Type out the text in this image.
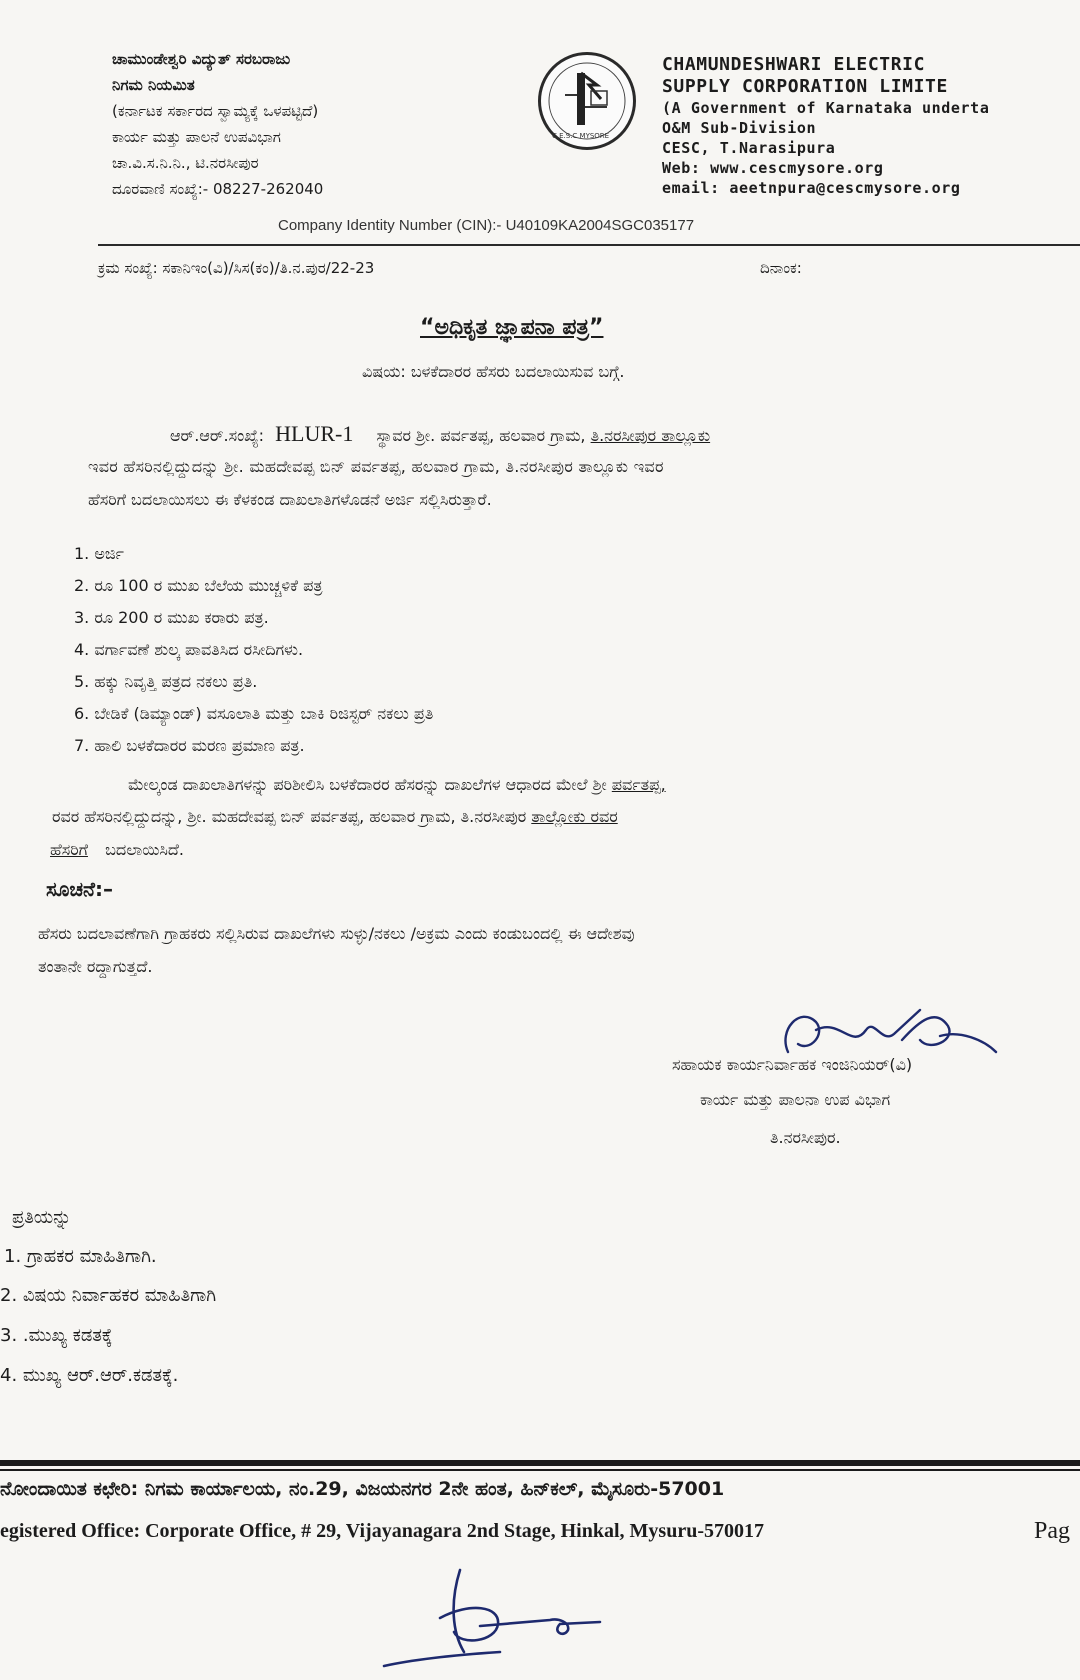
ಚಾಮುಂಡೇಶ್ವರಿ ವಿದ್ಯುತ್ ಸರಬರಾಜು
ನಿಗಮ ನಿಯಮಿತ
(ಕರ್ನಾಟಕ ಸರ್ಕಾರದ ಸ್ವಾಮ್ಯಕ್ಕೆ ಒಳಪಟ್ಟಿದೆ)
ಕಾರ್ಯ ಮತ್ತು ಪಾಲನೆ ಉಪವಿಭಾಗ
ಚಾ.ವಿ.ಸ.ನಿ.ನಿ., ಟಿ.ನರಸೀಪುರ
ದೂರವಾಣಿ ಸಂಖ್ಯೆ:- 08227-262040
C.E.S.C MYSORE
CHAMUNDESHWARI ELECTRIC
SUPPLY CORPORATION LIMITE
(A Government of Karnataka underta
O&M Sub-Division
CESC, T.Narasipura
Web: www.cescmysore.org
email: aeetnpura@cescmysore.org
Company Identity Number (CIN):- U40109KA2004SGC035177
ಕ್ರಮ ಸಂಖ್ಯೆ: ಸಕಾನಿಇಂ(ವಿ)/ಸಿಸ(ಕಂ)/ತಿ.ನ.ಪುರ/22-23	ದಿನಾಂಕ:
“ಅಧಿಕೃತ ಜ್ಞಾಪನಾ ಪತ್ರ”
ವಿಷಯ: ಬಳಕೆದಾರರ ಹೆಸರು ಬದಲಾಯಿಸುವ ಬಗ್ಗೆ.
ಆರ್.ಆರ್.ಸಂಖ್ಯೆ: HLUR-1 ಸ್ಥಾವರ ಶ್ರೀ. ಪರ್ವತಪ್ಪ, ಹಲವಾರ ಗ್ರಾಮ, ತಿ.ನರಸೀಪುರ ತಾಲ್ಲೂಕು
ಇವರ ಹೆಸರಿನಲ್ಲಿದ್ದುದನ್ನು ಶ್ರೀ. ಮಹದೇವಪ್ಪ ಬಿನ್ ಪರ್ವತಪ್ಪ, ಹಲವಾರ ಗ್ರಾಮ, ತಿ.ನರಸೀಪುರ ತಾಲ್ಲೂಕು ಇವರ
ಹೆಸರಿಗೆ ಬದಲಾಯಿಸಲು ಈ ಕೆಳಕಂಡ ದಾಖಲಾತಿಗಳೊಡನೆ ಅರ್ಜಿ ಸಲ್ಲಿಸಿರುತ್ತಾರೆ.
1. ಅರ್ಜಿ
2. ರೂ 100 ರ ಮುಖ ಬೆಲೆಯ ಮುಚ್ಚಳಿಕೆ ಪತ್ರ
3. ರೂ 200 ರ ಮುಖ ಕರಾರು ಪತ್ರ.
4. ವರ್ಗಾವಣೆ ಶುಲ್ಕ ಪಾವತಿಸಿದ ರಸೀದಿಗಳು.
5. ಹಕ್ಕು ನಿವೃತ್ತಿ ಪತ್ರದ ನಕಲು ಪ್ರತಿ.
6. ಬೇಡಿಕೆ (ಡಿಮ್ಯಾಂಡ್) ವಸೂಲಾತಿ ಮತ್ತು ಬಾಕಿ ರಿಜಿಸ್ಟರ್ ನಕಲು ಪ್ರತಿ
7. ಹಾಲಿ ಬಳಕೆದಾರರ ಮರಣ ಪ್ರಮಾಣ ಪತ್ರ.
ಮೇಲ್ಕಂಡ ದಾಖಲಾತಿಗಳನ್ನು ಪರಿಶೀಲಿಸಿ ಬಳಕೆದಾರರ ಹೆಸರನ್ನು ದಾಖಲೆಗಳ ಆಧಾರದ ಮೇಲೆ ಶ್ರೀ ಪರ್ವತಪ್ಪ,
ರವರ ಹೆಸರಿನಲ್ಲಿದ್ದುದನ್ನು, ಶ್ರೀ. ಮಹದೇವಪ್ಪ ಬಿನ್ ಪರ್ವತಪ್ಪ, ಹಲವಾರ ಗ್ರಾಮ, ತಿ.ನರಸೀಪುರ ತಾಲ್ಲೋಕು ರವರ
ಹೆಸರಿಗೆ ಬದಲಾಯಿಸಿದೆ.
ಸೂಚನೆ:–
ಹೆಸರು ಬದಲಾವಣೆಗಾಗಿ ಗ್ರಾಹಕರು ಸಲ್ಲಿಸಿರುವ ದಾಖಲೆಗಳು ಸುಳ್ಳು/ನಕಲು /ಅಕ್ರಮ ಎಂದು ಕಂಡುಬಂದಲ್ಲಿ ಈ ಆದೇಶವು
ತಂತಾನೇ ರದ್ದಾಗುತ್ತದೆ.
ಸಹಾಯಕ ಕಾರ್ಯನಿರ್ವಾಹಕ ಇಂಜಿನಿಯರ್(ವಿ)
ಕಾರ್ಯ ಮತ್ತು ಪಾಲನಾ ಉಪ ವಿಭಾಗ
ತಿ.ನರಸೀಪುರ.
ಪ್ರತಿಯನ್ನು
1. ಗ್ರಾಹಕರ ಮಾಹಿತಿಗಾಗಿ.
2. ವಿಷಯ ನಿರ್ವಾಹಕರ ಮಾಹಿತಿಗಾಗಿ
3. .ಮುಖ್ಯ ಕಡತಕ್ಕೆ
4. ಮುಖ್ಯ ಆರ್.ಆರ್.ಕಡತಕ್ಕೆ.
ನೋಂದಾಯಿತ ಕಛೇರಿ: ನಿಗಮ ಕಾರ್ಯಾಲಯ, ನಂ.29, ವಿಜಯನಗರ 2ನೇ ಹಂತ, ಹಿನ್‌ಕಲ್, ಮೈಸೂರು-57001
egistered Office: Corporate Office, # 29, Vijayanagara 2nd Stage, Hinkal, Mysuru-570017	Pag
